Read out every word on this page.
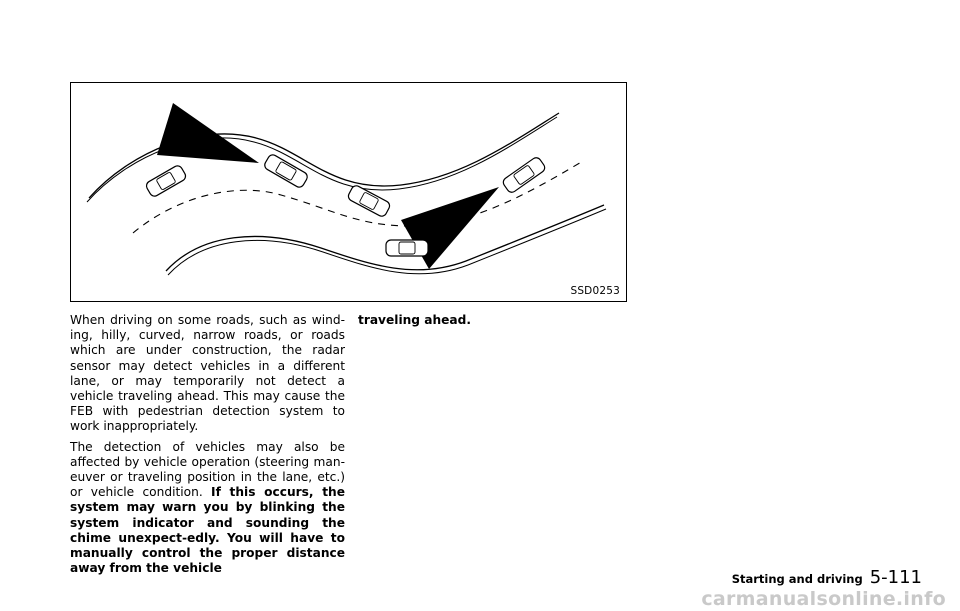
SSD0253

When driving on some roads, such as wind-ing, hilly, curved, narrow roads, or roads which are under construction, the radar sensor may detect vehicles in a different lane, or may temporarily not detect a vehicle traveling ahead. This may cause the FEB with pedestrian detection system to work inappropriately.

The detection of vehicles may also be affected by vehicle operation (steering man-euver or traveling position in the lane, etc.) or vehicle condition. If this occurs, the system may warn you by blinking the system indicator and sounding the chime unexpect-edly. You will have to manually control the proper distance away from the vehicle

traveling ahead.

Starting and driving 5-111
carmanualsonline.info
